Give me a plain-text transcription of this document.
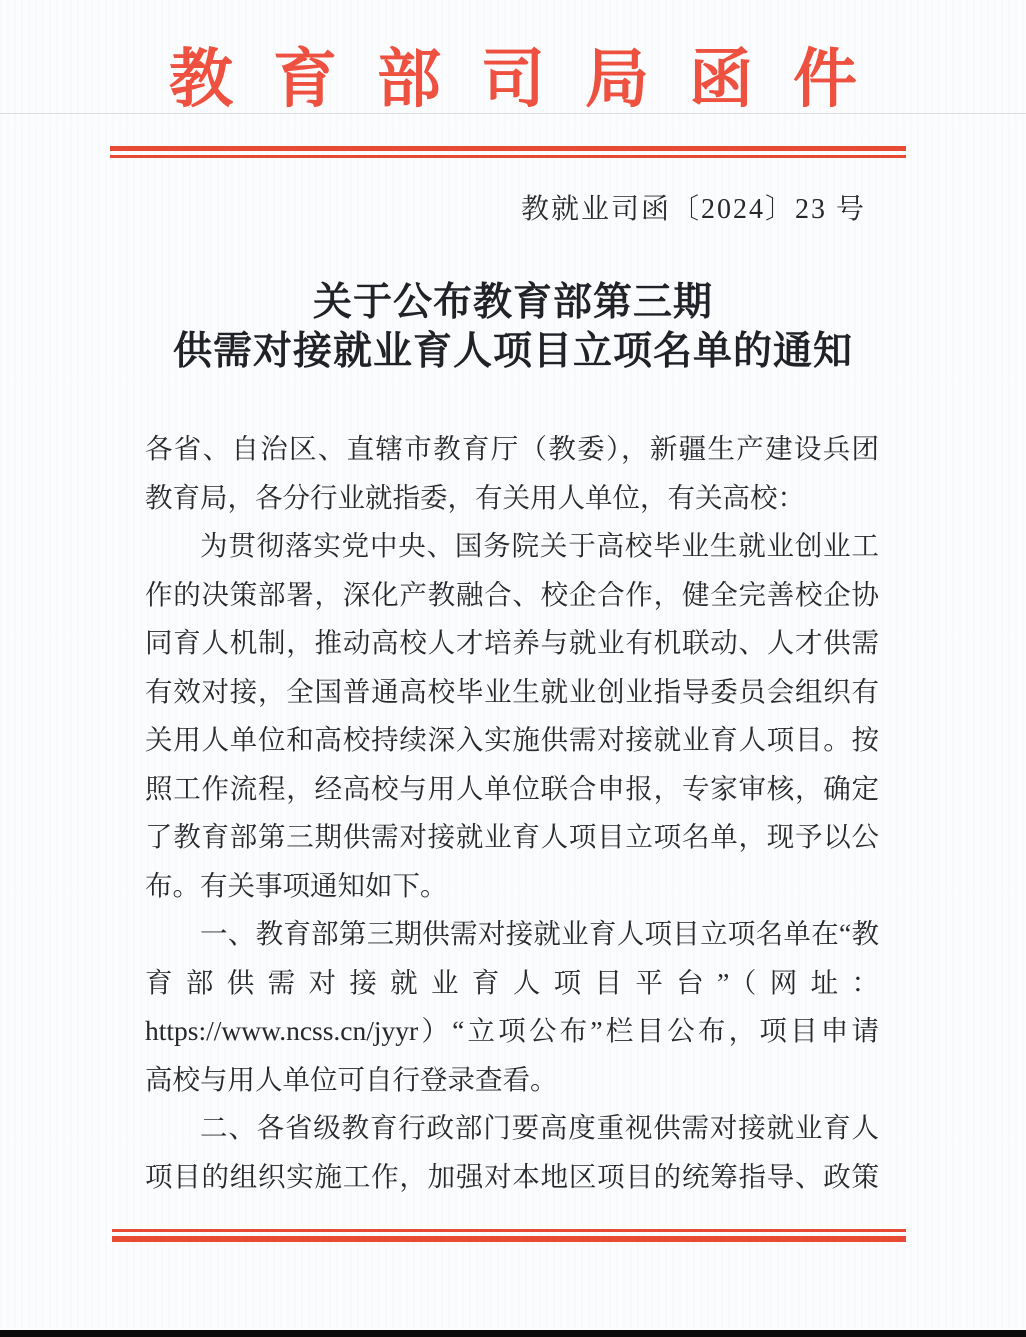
教育部司局函件
教就业司函〔2024〕23 号
关于公布教育部第三期
供需对接就业育人项目立项名单的通知
各省、自治区、直辖市教育厅（教委），新疆生产建设兵团
教育局，各分行业就指委，有关用人单位，有关高校：
为贯彻落实党中央、国务院关于高校毕业生就业创业工
作的决策部署，深化产教融合、校企合作，健全完善校企协
同育人机制，推动高校人才培养与就业有机联动、人才供需
有效对接，全国普通高校毕业生就业创业指导委员会组织有
关用人单位和高校持续深入实施供需对接就业育人项目。按
照工作流程，经高校与用人单位联合申报，专家审核，确定
了教育部第三期供需对接就业育人项目立项名单，现予以公
布。有关事项通知如下。
一、教育部第三期供需对接就业育人项目立项名单在“教
育部供需对接就业育人项目平台”（网址：
https://www.ncss.cn/jyyr）“立项公布”栏目公布，项目申请
高校与用人单位可自行登录查看。
二、各省级教育行政部门要高度重视供需对接就业育人
项目的组织实施工作，加强对本地区项目的统筹指导、政策
